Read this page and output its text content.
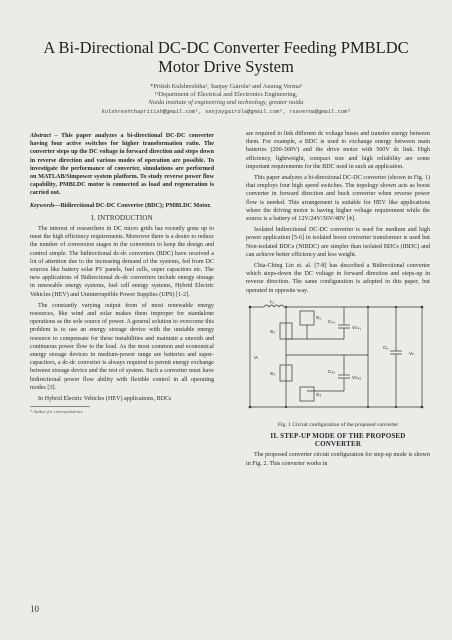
A Bi-Directional DC-DC Converter Feeding PMBLDC Motor Drive System
*Pritish Kulshreshtha¹, Sanjay Gairola² and Anurag Verma³
¹²Department of Electrical and Electronics Engineering,
Noida institute of engineering and technology, greater noida
kulshreshthapritish@gmail.com¹, sanjaygairola@gmail.com², rsaverma@gmail.com³
Abstract – This paper analyzes a bi-directional DC-DC converter having four active switches for higher transformation ratio. The converter steps up the DC voltage in forward direction and steps down in reverse direction and various modes of operation are possible. To investigate the performance of converter, simulations are performed on MATLAB/Simpower system platform. To study reverse power flow capability, PMBLDC motor is connected as load and regeneration is carried out.
Keywords—Bidirectional DC-DC Converter (BDC); PMBLDC Motor.
I. INTRODUCTION

The interest of researchers in DC micro grids has recently gone up to meet the high efficiency requirements. Moreover there is a desire to reduce the number of conversion stages in the converters to keep the design and control simple. The bidirectional dc-dc converters (BDC) have received a lot of attention due to the increasing demand of the systems, fed from DC sources like battery solar PV panels, fuel cells, super capacitors etc. The new applications of Bidirectional dc-dc converters include energy storage in renewable energy systems, fuel cell energy systems, Hybrid Electric Vehicles (HEV) and Uninterruptible Power Supplies (UPS) [1-2].

The constantly varying output from of most renewable energy resources, like wind and solar makes them improper for standalone operations as the sole source of power. A general solution to overcome this problem is to use an energy storage device with the unstable energy resource to compensate for these instabilities and maintain a smooth and continuous power flow to the load. As the most common and economical energy storage devices in medium-power range are batteries and super-capacitors, a dc-dc converter is always required to permit energy exchange between storage device and the rest of system. Such a converter must have bidirectional power flow ability with flexible control in all operating modes [3].

In Hybrid Electric Vehicles (HEV) applications, BDCs

* Author for correspondence

are required to link different dc voltage buses and transfer energy between them. For example, a BDC is used to exchange energy between main batteries (200-300V) and the drive motor with 500V dc link. High efficiency, lightweight, compact size and high reliability are some important requirements for the BDC used in such an application.

This paper analyzes a bi-directional DC-DC converter (shown in Fig. 1) that employs four high speed switches. The topology shown acts as boost converter in forward direction and buck converter when reverse power flow is needed. This arrangement is suitable for HEV like applications where the driving motor is having higher voltage requirement while the source is a battery of 12V/24V/36V/48V [4].

Isolated bidirectional DC-DC converter is used for medium and high power application [5-6] in isolated boost converter transformer is used but Non-isolated BDCs (NIBDC) are simpler than isolated BDCs (IBDC) and can achieve better efficiency and less weight.

Chia-Ching Lin et. al. [7-8] has described a Bidirectional converter which steps-down the DC voltage in forward direction and steps-up in reverse direction. The same configuration is adopted in this paper, but operated in opposite way.

L₁
S₁
S₂
S₃
S₄
Vₗ
Cₛ₁
Vᴄₛ₁
Cₛ₂
Vᴄₛ₂
Cₒ
Vₕ
Fig. 1 Circuit configuration of the proposed converter
II. STEP-UP MODE OF THE PROPOSED
CONVERTER

The proposed converter circuit configuration for step-up mode is shown in Fig. 2. This converter works in

10
